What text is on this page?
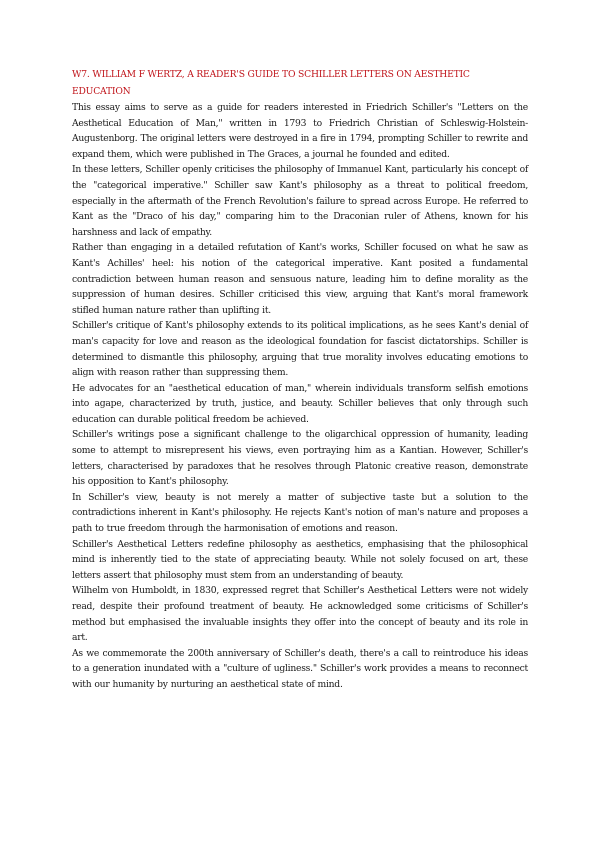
W7. WILLIAM F WERTZ, A READER'S GUIDE TO SCHILLER LETTERS ON AESTHETIC EDUCATION

This essay aims to serve as a guide for readers interested in Friedrich Schiller's "Letters on the Aesthetical Education of Man," written in 1793 to Friedrich Christian of Schleswig-Holstein-Augustenborg. The original letters were destroyed in a fire in 1794, prompting Schiller to rewrite and expand them, which were published in The Graces, a journal he founded and edited.

In these letters, Schiller openly criticises the philosophy of Immanuel Kant, particularly his concept of the "categorical imperative." Schiller saw Kant's philosophy as a threat to political freedom, especially in the aftermath of the French Revolution's failure to spread across Europe. He referred to Kant as the "Draco of his day," comparing him to the Draconian ruler of Athens, known for his harshness and lack of empathy.

Rather than engaging in a detailed refutation of Kant's works, Schiller focused on what he saw as Kant's Achilles' heel: his notion of the categorical imperative. Kant posited a fundamental contradiction between human reason and sensuous nature, leading him to define morality as the suppression of human desires. Schiller criticised this view, arguing that Kant's moral framework stifled human nature rather than uplifting it.

Schiller's critique of Kant's philosophy extends to its political implications, as he sees Kant's denial of man's capacity for love and reason as the ideological foundation for fascist dictatorships. Schiller is determined to dismantle this philosophy, arguing that true morality involves educating emotions to align with reason rather than suppressing them.

He advocates for an "aesthetical education of man," wherein individuals transform selfish emotions into agape, characterized by truth, justice, and beauty. Schiller believes that only through such education can durable political freedom be achieved.

Schiller's writings pose a significant challenge to the oligarchical oppression of humanity, leading some to attempt to misrepresent his views, even portraying him as a Kantian. However, Schiller's letters, characterised by paradoxes that he resolves through Platonic creative reason, demonstrate his opposition to Kant's philosophy.

In Schiller's view, beauty is not merely a matter of subjective taste but a solution to the contradictions inherent in Kant's philosophy. He rejects Kant's notion of man's nature and proposes a path to true freedom through the harmonisation of emotions and reason.

Schiller's Aesthetical Letters redefine philosophy as aesthetics, emphasising that the philosophical mind is inherently tied to the state of appreciating beauty. While not solely focused on art, these letters assert that philosophy must stem from an understanding of beauty.

Wilhelm von Humboldt, in 1830, expressed regret that Schiller's Aesthetical Letters were not widely read, despite their profound treatment of beauty. He acknowledged some criticisms of Schiller's method but emphasised the invaluable insights they offer into the concept of beauty and its role in art.

As we commemorate the 200th anniversary of Schiller's death, there's a call to reintroduce his ideas to a generation inundated with a "culture of ugliness." Schiller's work provides a means to reconnect with our humanity by nurturing an aesthetical state of mind.
